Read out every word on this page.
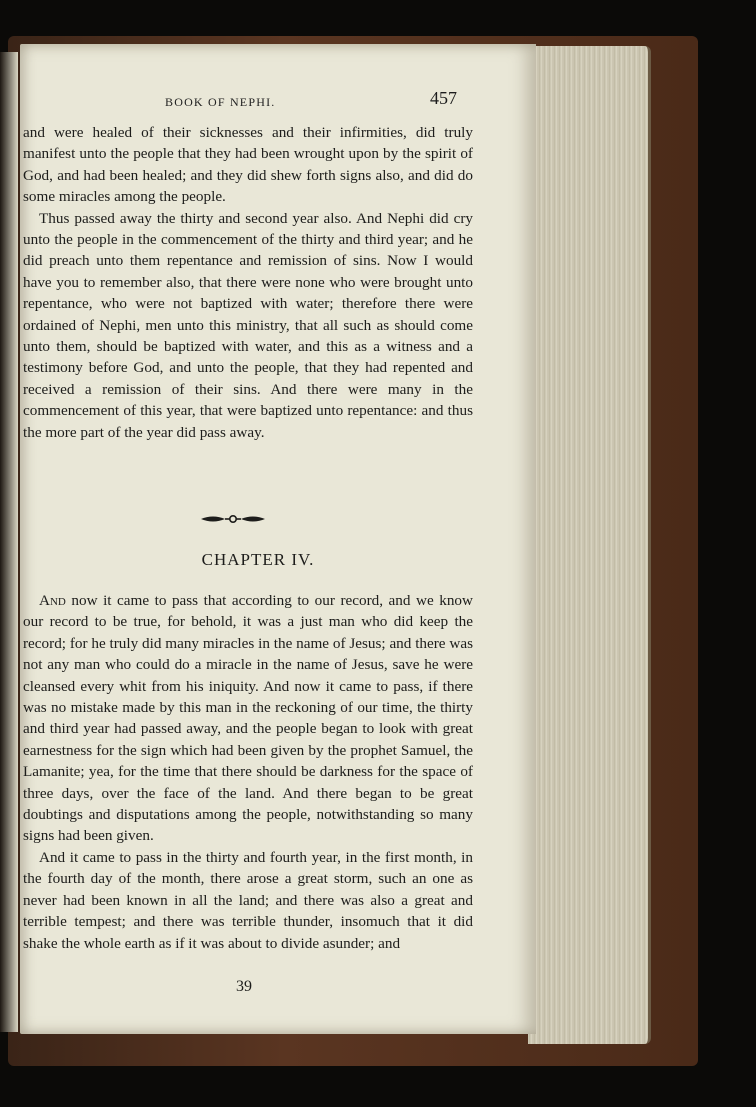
BOOK OF NEPHI.	457

and were healed of their sicknesses and their infirmities, did truly manifest unto the people that they had been wrought upon by the spirit of God, and had been healed; and they did shew forth signs also, and did do some miracles among the people.

Thus passed away the thirty and second year also. And Nephi did cry unto the people in the commencement of the thirty and third year; and he did preach unto them repentance and remission of sins. Now I would have you to remember also, that there were none who were brought unto repentance, who were not baptized with water; therefore there were ordained of Nephi, men unto this ministry, that all such as should come unto them, should be baptized with water, and this as a witness and a testimony before God, and unto the people, that they had repented and received a remission of their sins. And there were many in the commencement of this year, that were baptized unto repentance: and thus the more part of the year did pass away.

CHAPTER IV.

And now it came to pass that according to our record, and we know our record to be true, for behold, it was a just man who did keep the record; for he truly did many miracles in the name of Jesus; and there was not any man who could do a miracle in the name of Jesus, save he were cleansed every whit from his iniquity. And now it came to pass, if there was no mistake made by this man in the reckoning of our time, the thirty and third year had passed away, and the people began to look with great earnestness for the sign which had been given by the prophet Samuel, the Lamanite; yea, for the time that there should be darkness for the space of three days, over the face of the land. And there began to be great doubtings and disputations among the people, notwithstanding so many signs had been given.

And it came to pass in the thirty and fourth year, in the first month, in the fourth day of the month, there arose a great storm, such an one as never had been known in all the land; and there was also a great and terrible tempest; and there was terrible thunder, insomuch that it did shake the whole earth as if it was about to divide asunder; and

39
